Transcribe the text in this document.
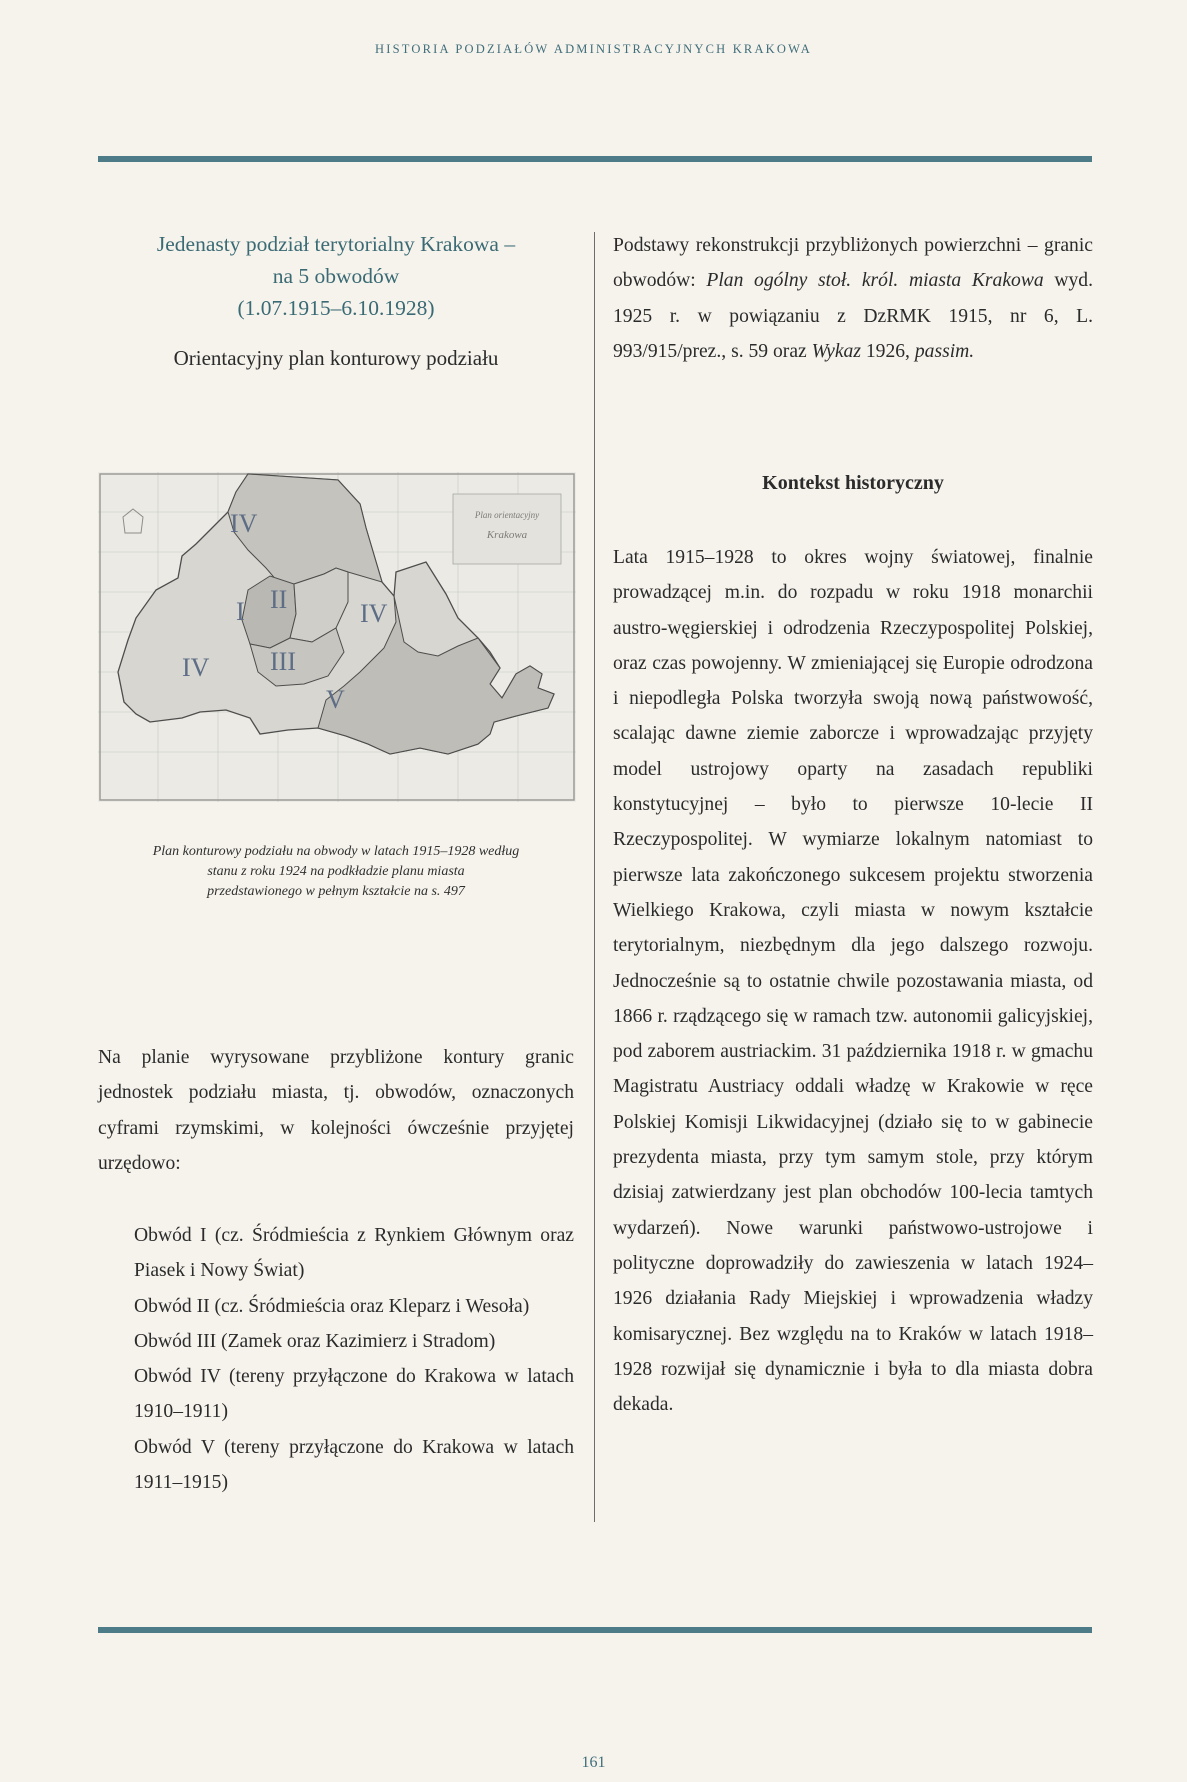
HISTORIA PODZIAŁÓW ADMINISTRACYJNYCH KRAKOWA

Jedenasty podział terytorialny Krakowa –

na 5 obwodów

(1.07.1915–6.10.1928)

Orientacyjny plan konturowy podziału

Plan orientacyjny
Krakowa
IV
I II	IV
IV III
V
Plan konturowy podziału na obwody w latach 1915–1928 według
stanu z roku 1924 na podkładzie planu miasta
przedstawionego w pełnym kształcie na s. 497

Na planie wyrysowane przybliżone kontury granic jednostek podziału miasta, tj. obwodów, oznaczonych cyframi rzymskimi, w kolejności ówcześnie przyjętej urzędowo:

Obwód I (cz. Śródmieścia z Rynkiem Głównym oraz Piasek i Nowy Świat)
Obwód II (cz. Śródmieścia oraz Kleparz i Wesoła)
Obwód III (Zamek oraz Kazimierz i Stradom)
Obwód IV (tereny przyłączone do Krakowa w latach 1910–1911)
Obwód V (tereny przyłączone do Krakowa w latach 1911–1915)

Podstawy rekonstrukcji przybliżonych powierzchni – granic obwodów: Plan ogólny stoł. król. miasta Krakowa wyd. 1925 r. w powiązaniu z DzRMK 1915, nr 6, L. 993/915/prez., s. 59 oraz Wykaz 1926, passim.

Kontekst historyczny

Lata 1915–1928 to okres wojny światowej, finalnie prowadzącej m.in. do rozpadu w roku 1918 monarchii austro-węgierskiej i odrodzenia Rzeczypospolitej Polskiej, oraz czas powojenny. W zmieniającej się Europie odrodzona i niepodległa Polska tworzyła swoją nową państwowość, scalając dawne ziemie zaborcze i wprowadzając przyjęty model ustrojowy oparty na zasadach republiki konstytucyjnej – było to pierwsze 10-lecie II Rzeczypospolitej. W wymiarze lokalnym natomiast to pierwsze lata zakończonego sukcesem projektu stworzenia Wielkiego Krakowa, czyli miasta w nowym kształcie terytorialnym, niezbędnym dla jego dalszego rozwoju. Jednocześnie są to ostatnie chwile pozostawania miasta, od 1866 r. rządzącego się w ramach tzw. autonomii galicyjskiej, pod zaborem austriackim. 31 października 1918 r. w gmachu Magistratu Austriacy oddali władzę w Krakowie w ręce Polskiej Komisji Likwidacyjnej (działo się to w gabinecie prezydenta miasta, przy tym samym stole, przy którym dzisiaj zatwierdzany jest plan obchodów 100-lecia tamtych wydarzeń). Nowe warunki państwowo-ustrojowe i polityczne doprowadziły do zawieszenia w latach 1924–1926 działania Rady Miejskiej i wprowadzenia władzy komisarycznej. Bez względu na to Kraków w latach 1918–1928 rozwijał się dynamicznie i była to dla miasta dobra dekada.

161
